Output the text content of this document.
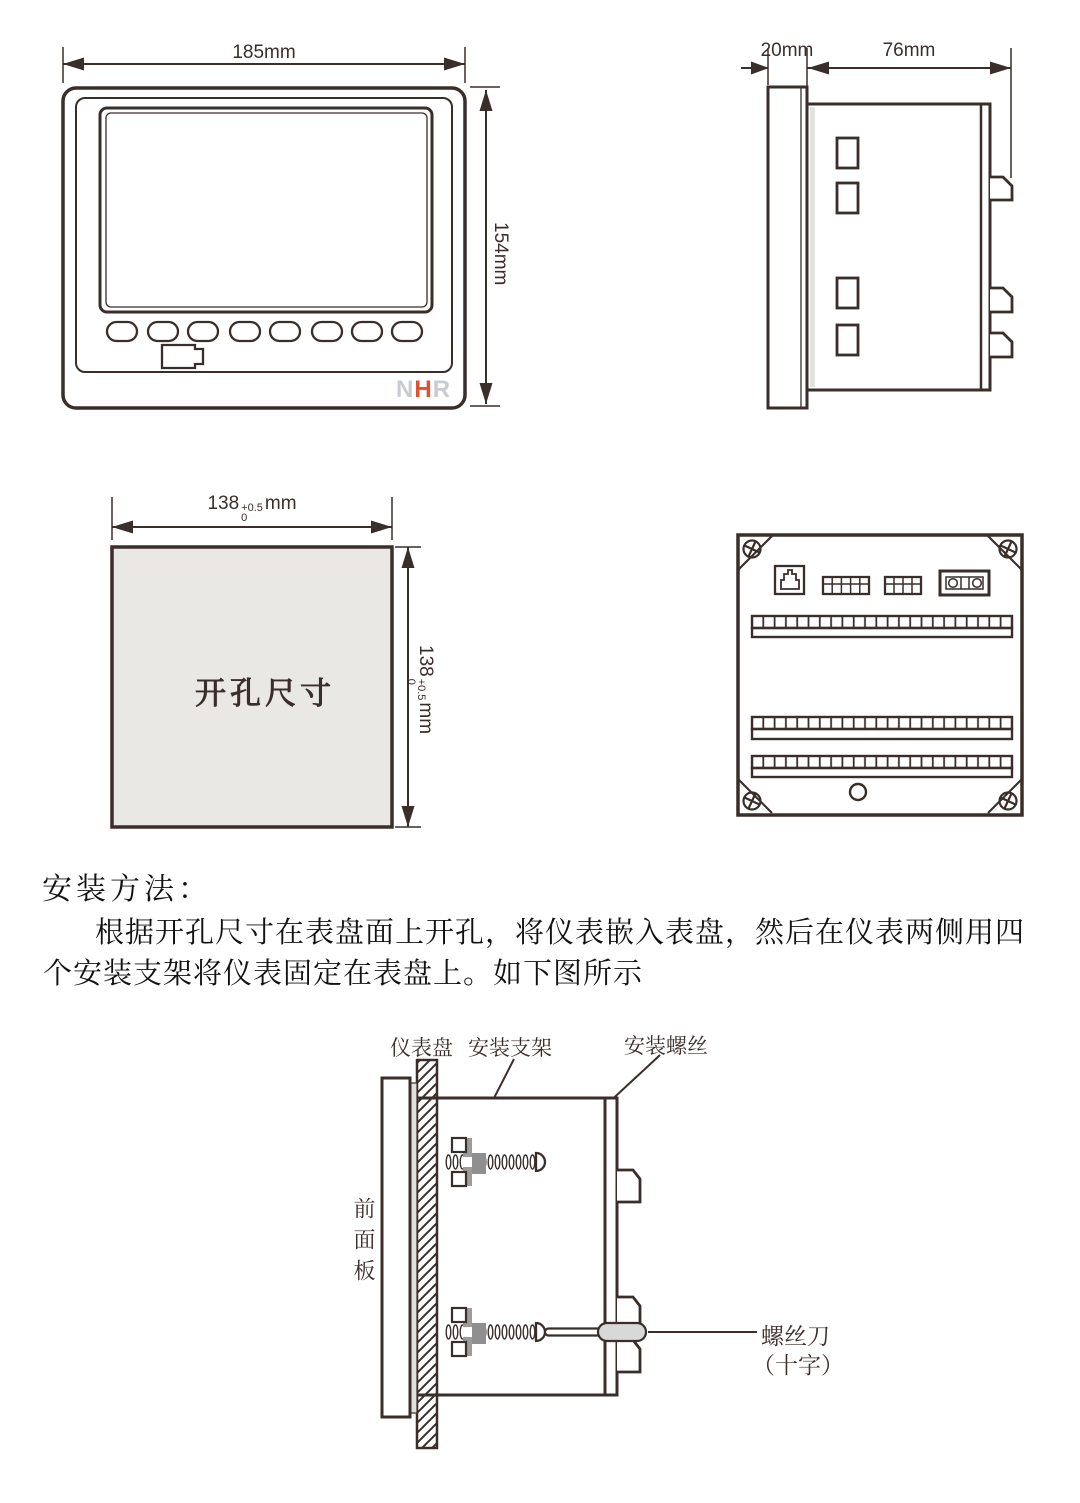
185mm
154mm
20mm	76mm
138 +0.5
0
mm
138
+0.5
0
mm
开孔尺寸
NHR
安装方法：
根据开孔尺寸在表盘面上开孔，将仪表嵌入表盘，然后在仪表两侧用四
个安装支架将仪表固定在表盘上。如下图所示
仪表盘 安装支架	安装螺丝
前面板
螺丝刀
（十字）
